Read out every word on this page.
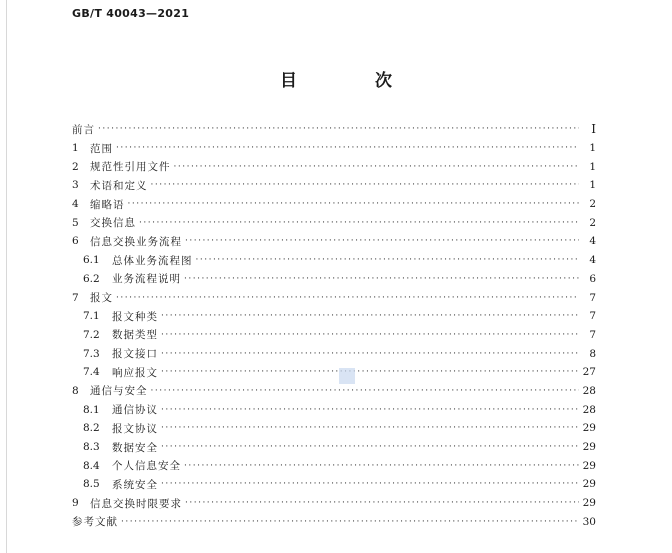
GB/T 40043—2021
目 次
前言 ·····	I
1	范围 ·····	1
2	规范性引用文件 ·····	1
3	术语和定义 ·····	1
4	缩略语 ·····	2
5	交换信息 ·····	2
6	信息交换业务流程 ·····	4
6.1	总体业务流程图 ·····	4
6.2	业务流程说明 ·····	6
7	报文 ·····	7
7.1	报文种类 ·····	7
7.2	数据类型 ·····	7
7.3	报文接口 ·····	8
7.4	响应报文 ·····	27
8	通信与安全 ·····	28
8.1	通信协议 ·····	28
8.2	报文协议 ·····	29
8.3	数据安全 ·····	29
8.4	个人信息安全 ·····	29
8.5	系统安全 ·····	29
9	信息交换时限要求 ·····	29
参考文献 ·····	30
